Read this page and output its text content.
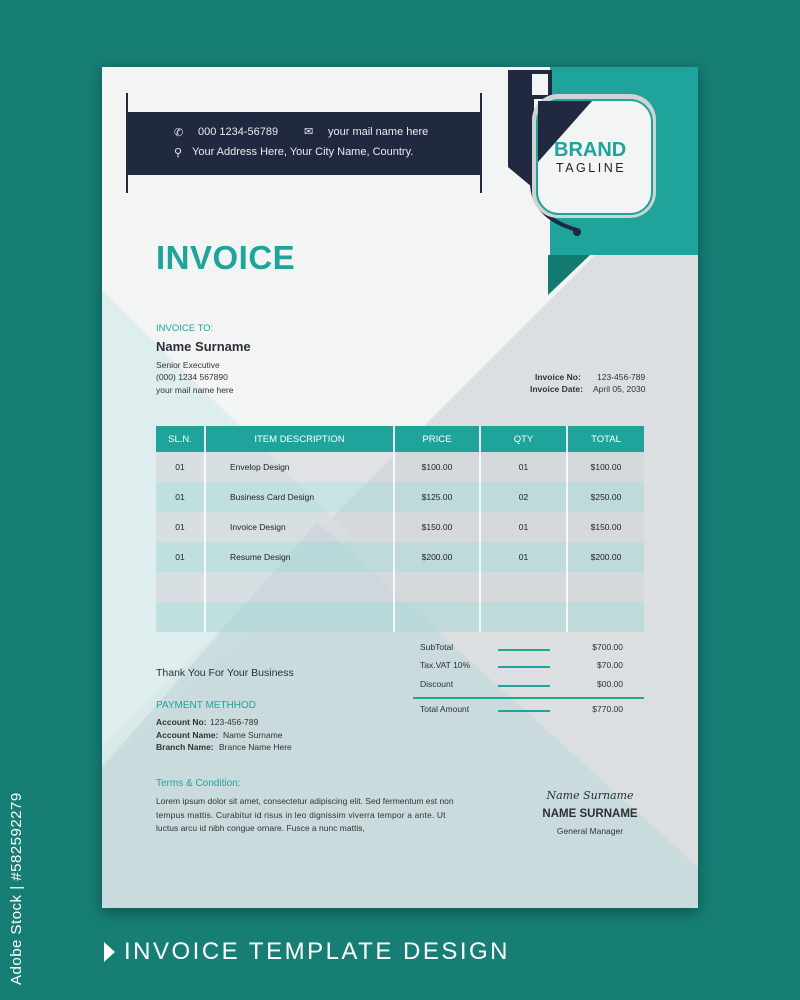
✆ 000 1234-56789 ✉ your mail name here
⚲ Your Address Here, Your City Name, Country.	BRAND
TAGLINE
INVOICE
INVOICE TO:
Name Surname
Senior Executive
(000) 1234 567890
your mail name here
Invoice No: 123-456-789
Invoice Date: April 05, 2030
SL.N.	ITEM DESCRIPTION	PRICE	QTY	TOTAL
01	Envelop Design	$100.00	01	$100.00
01	Business Card Design	$125.00	02	$250.00
01	Invoice Design	$150.00	01	$150.00
01	Resume Design	$200.00	01	$200.00

SubTotal	$700.00
Tax.VAT 10%	$70.00
Discount	$00.00
Total Amount	$770.00
Thank You For Your Business
PAYMENT METHHOD
Account No: 123-456-789
Account Name: Name Surname
Branch Name: Brance Name Here
Terms & Condition:
Lorem ipsum dolor sit amet, consectetur adipiscing elit. Sed fermentum est non
tempus mattis. Curabitur id risus in leo dignissim viverra tempor a ante. Ut
luctus arcu id nibh congue ornare. Fusce a nunc mattis,
Name Surname
NAME SURNAME
General Manager
INVOICE TEMPLATE DESIGN
Adobe Stock | #582592279
